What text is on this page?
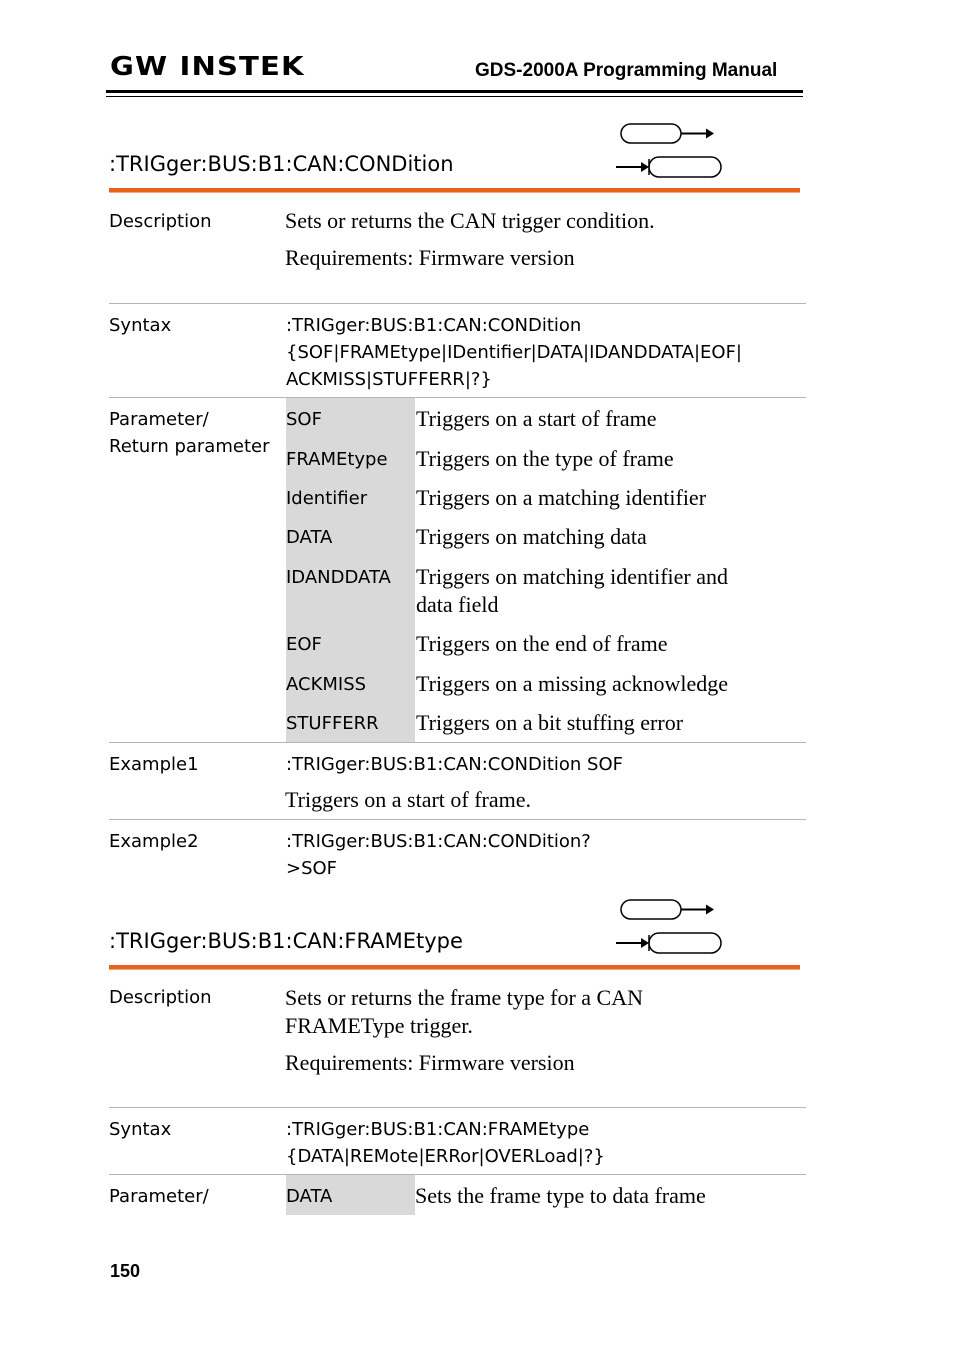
GW INSTEK	GDS-2000A Programming Manual
:TRIGger:BUS:B1:CAN:CONDition
Description	Sets or returns the CAN trigger condition.
Requirements: Firmware version
Syntax	:TRIGger:BUS:B1:CAN:CONDition
{SOF|FRAMEtype|IDentifier|DATA|IDANDDATA|EOF|
ACKMISS|STUFFERR|?}
Parameter/
Return parameter
SOF	Triggers on a start of frame
FRAMEtype Triggers on the type of frame
Identifier Triggers on a matching identifier
DATA	Triggers on matching data
IDANDDATA Triggers on matching identifier and
data field
EOF	Triggers on the end of frame
ACKMISS Triggers on a missing acknowledge
STUFFERR Triggers on a bit stuffing error
Example1	:TRIGger:BUS:B1:CAN:CONDition SOF
Triggers on a start of frame.
Example2	:TRIGger:BUS:B1:CAN:CONDition?
>SOF
:TRIGger:BUS:B1:CAN:FRAMEtype
Description	Sets or returns the frame type for a CAN
FRAMEType trigger.
Requirements: Firmware version
Syntax	:TRIGger:BUS:B1:CAN:FRAMEtype
{DATA|REMote|ERRor|OVERLoad|?}
Parameter/	DATA	Sets the frame type to data frame
150
